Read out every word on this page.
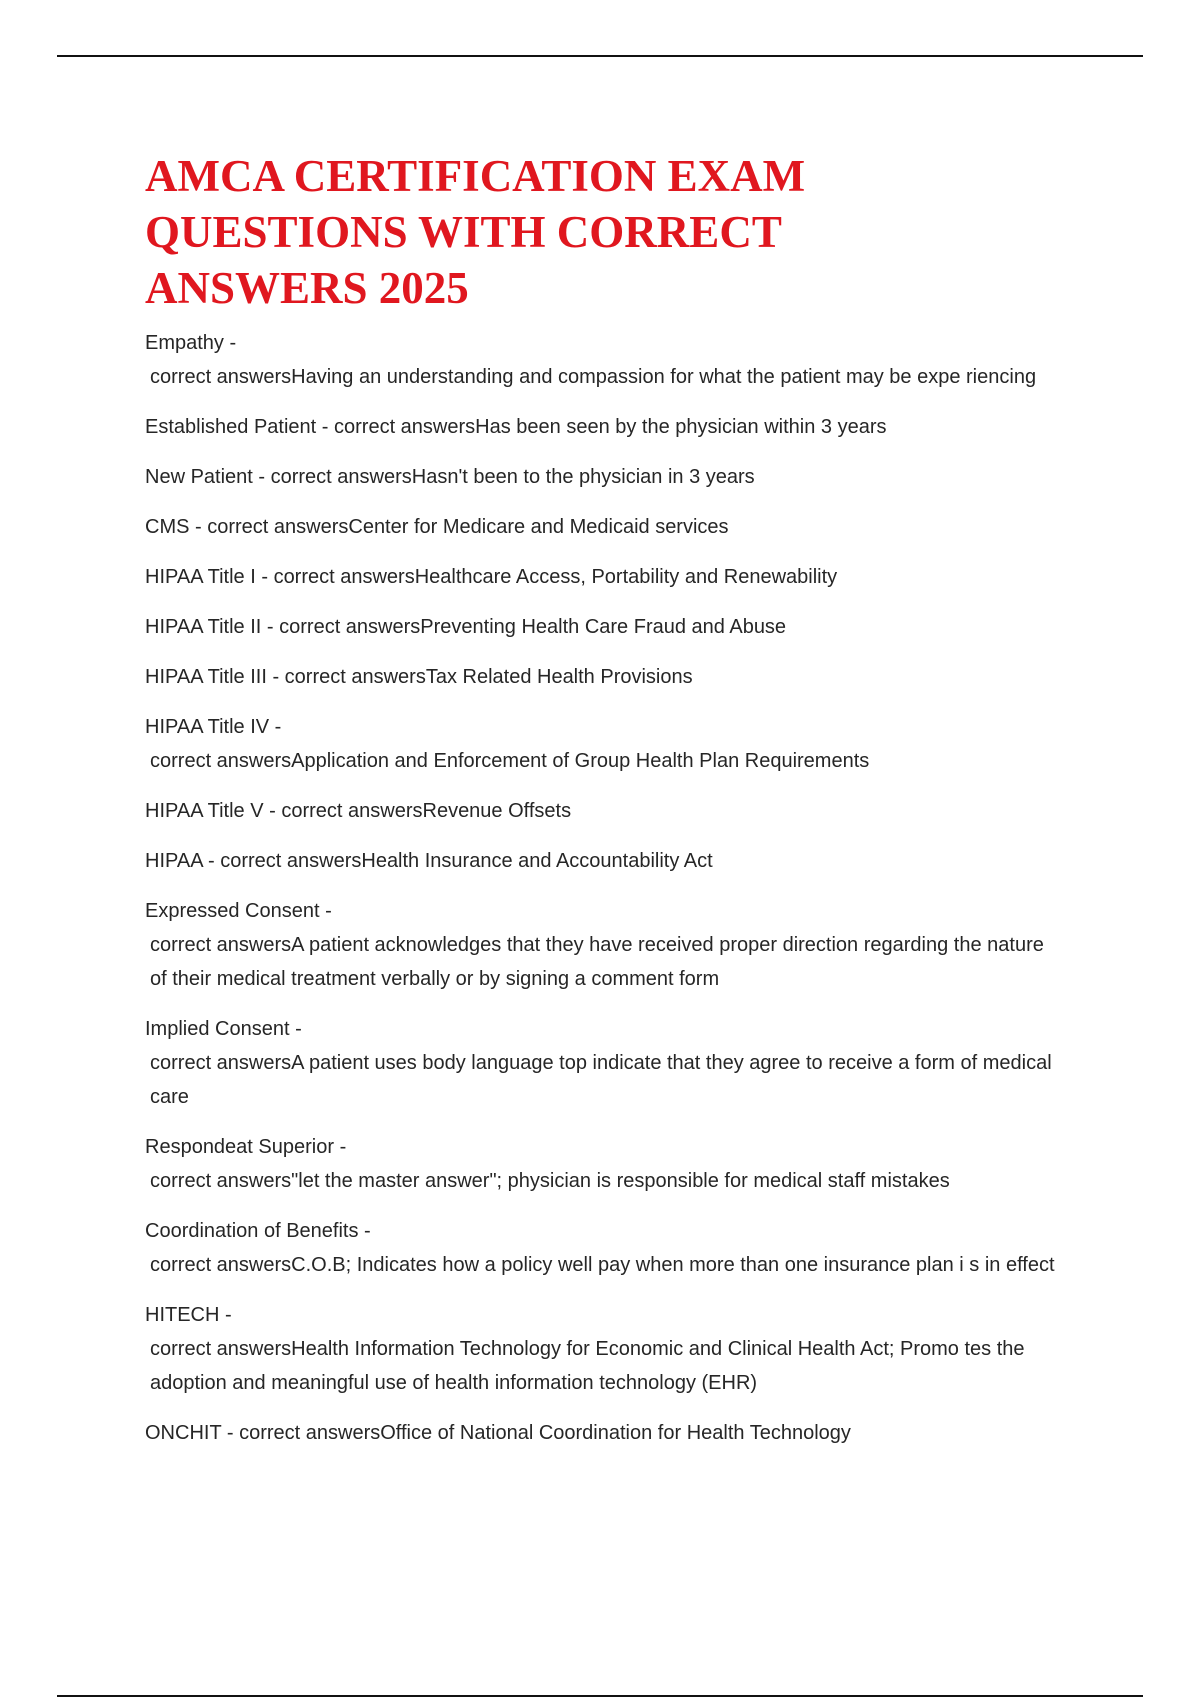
AMCA CERTIFICATION EXAM
QUESTIONS WITH CORRECT
ANSWERS 2025
Empathy -
correct answersHaving an understanding and compassion for what the patient may be expe riencing
Established Patient - correct answersHas been seen by the physician within 3 years
New Patient - correct answersHasn't been to the physician in 3 years
CMS - correct answersCenter for Medicare and Medicaid services
HIPAA Title I - correct answersHealthcare Access, Portability and Renewability
HIPAA Title II - correct answersPreventing Health Care Fraud and Abuse
HIPAA Title III - correct answersTax Related Health Provisions
HIPAA Title IV -
correct answersApplication and Enforcement of Group Health Plan Requirements
HIPAA Title V - correct answersRevenue Offsets
HIPAA - correct answersHealth Insurance and Accountability Act
Expressed Consent -
correct answersA patient acknowledges that they have received proper direction regarding the nature of their medical treatment verbally or by signing a comment form
Implied Consent -
correct answersA patient uses body language top indicate that they agree to receive a form of medical care
Respondeat Superior -
correct answers"let the master answer"; physician is responsible for medical staff mistakes
Coordination of Benefits -
correct answersC.O.B; Indicates how a policy well pay when more than one insurance plan i s in effect
HITECH -
correct answersHealth Information Technology for Economic and Clinical Health Act; Promo tes the adoption and meaningful use of health information technology (EHR)
ONCHIT - correct answersOffice of National Coordination for Health Technology
